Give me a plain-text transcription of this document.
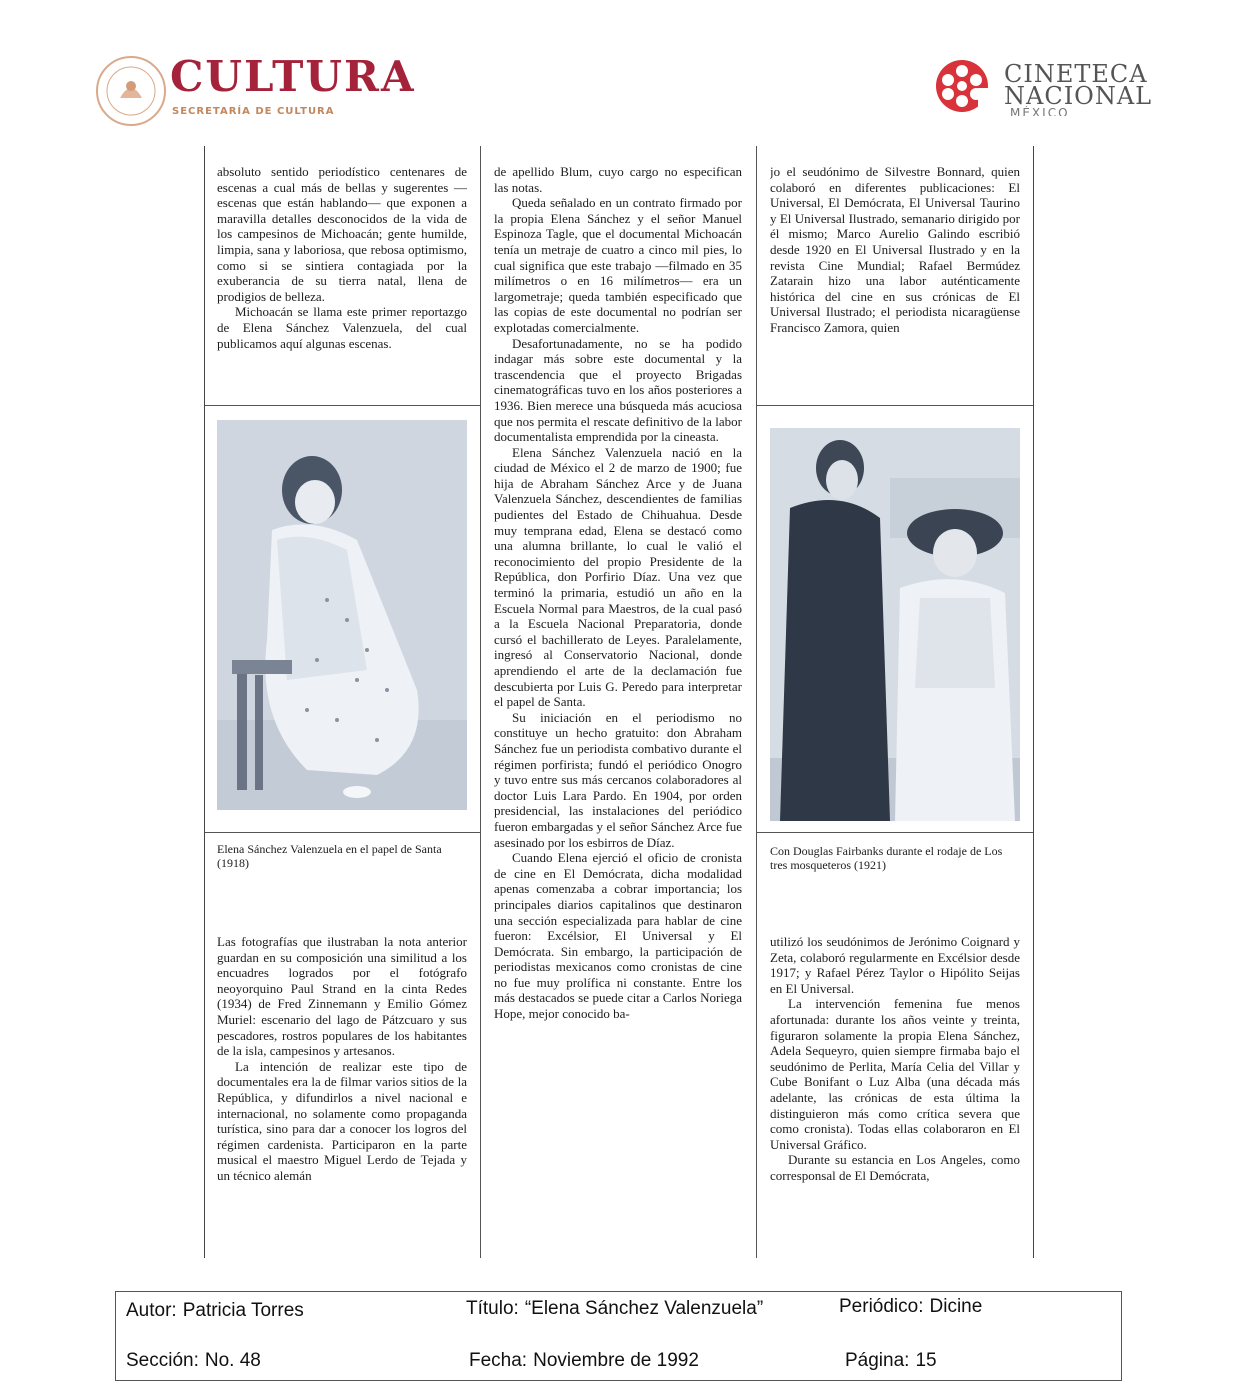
CULTURA
SECRETARÍA DE CULTURA
CINETECA
NACIONAL
MÉXICO

absoluto sentido periodístico centenares de escenas a cual más de bellas y sugerentes —escenas que están hablando— que exponen a maravilla detalles desconocidos de la vida de los campesinos de Michoacán; gente humilde, limpia, sana y laboriosa, que rebosa optimismo, como si se sintiera contagiada por la exuberancia de su tierra natal, llena de prodigios de belleza.

Michoacán se llama este primer reportazgo de Elena Sánchez Valenzuela, del cual publicamos aquí algunas escenas.

Elena Sánchez Valenzuela en el papel de Santa (1918)

Las fotografías que ilustraban la nota anterior guardan en su composición una similitud a los encuadres logrados por el fotógrafo neoyorquino Paul Strand en la cinta Redes (1934) de Fred Zinnemann y Emilio Gómez Muriel: escenario del lago de Pátzcuaro y sus pescadores, rostros populares de los habitantes de la isla, campesinos y artesanos.

La intención de realizar este tipo de documentales era la de filmar varios sitios de la República, y difundirlos a nivel nacional e internacional, no solamente como propaganda turística, sino para dar a conocer los logros del régimen cardenista. Participaron en la parte musical el maestro Miguel Lerdo de Tejada y un técnico alemán

de apellido Blum, cuyo cargo no especifican las notas.

Queda señalado en un contrato firmado por la propia Elena Sánchez y el señor Manuel Espinoza Tagle, que el documental Michoacán tenía un metraje de cuatro a cinco mil pies, lo cual significa que este trabajo —filmado en 35 milímetros o en 16 milímetros— era un largometraje; queda también especificado que las copias de este documental no podrían ser explotadas comercialmente.

Desafortunadamente, no se ha podido indagar más sobre este documental y la trascendencia que el proyecto Brigadas cinematográficas tuvo en los años posteriores a 1936. Bien merece una búsqueda más acuciosa que nos permita el rescate definitivo de la labor documentalista emprendida por la cineasta.

Elena Sánchez Valenzuela nació en la ciudad de México el 2 de marzo de 1900; fue hija de Abraham Sánchez Arce y de Juana Valenzuela Sánchez, descendientes de familias pudientes del Estado de Chihuahua. Desde muy temprana edad, Elena se destacó como una alumna brillante, lo cual le valió el reconocimiento del propio Presidente de la República, don Porfirio Díaz. Una vez que terminó la primaria, estudió un año en la Escuela Normal para Maestros, de la cual pasó a la Escuela Nacional Preparatoria, donde cursó el bachillerato de Leyes. Paralelamente, ingresó al Conservatorio Nacional, donde aprendiendo el arte de la declamación fue descubierta por Luis G. Peredo para interpretar el papel de Santa.

Su iniciación en el periodismo no constituye un hecho gratuito: don Abraham Sánchez fue un periodista combativo durante el régimen porfirista; fundó el periódico Onogro y tuvo entre sus más cercanos colaboradores al doctor Luis Lara Pardo. En 1904, por orden presidencial, las instalaciones del periódico fueron embargadas y el señor Sánchez Arce fue asesinado por los esbirros de Díaz.

Cuando Elena ejerció el oficio de cronista de cine en El Demócrata, dicha modalidad apenas comenzaba a cobrar importancia; los principales diarios capitalinos que destinaron una sección especializada para hablar de cine fueron: Excélsior, El Universal y El Demócrata. Sin embargo, la participación de periodistas mexicanos como cronistas de cine no fue muy prolífica ni constante. Entre los más destacados se puede citar a Carlos Noriega Hope, mejor conocido ba-

jo el seudónimo de Silvestre Bonnard, quien colaboró en diferentes publicaciones: El Universal, El Demócrata, El Universal Taurino y El Universal Ilustrado, semanario dirigido por él mismo; Marco Aurelio Galindo escribió desde 1920 en El Universal Ilustrado y en la revista Cine Mundial; Rafael Bermúdez Zatarain hizo una labor auténticamente histórica del cine en sus crónicas de El Universal Ilustrado; el periodista nicaragüense Francisco Zamora, quien

Con Douglas Fairbanks durante el rodaje de Los tres mosqueteros (1921)

utilizó los seudónimos de Jerónimo Coignard y Zeta, colaboró regularmente en Excélsior desde 1917; y Rafael Pérez Taylor o Hipólito Seijas en El Universal.

La intervención femenina fue menos afortunada: durante los años veinte y treinta, figuraron solamente la propia Elena Sánchez, Adela Sequeyro, quien siempre firmaba bajo el seudónimo de Perlita, María Celia del Villar y Cube Bonifant o Luz Alba (una década más adelante, las crónicas de esta última la distinguieron más como crítica severa que como cronista). Todas ellas colaboraron en El Universal Gráfico.

Durante su estancia en Los Angeles, como corresponsal de El Demócrata,

Autor: Patricia Torres	Título: “Elena Sánchez Valenzuela”	Periódico: Dicine
Sección: No. 48	Fecha: Noviembre de 1992	Página: 15
